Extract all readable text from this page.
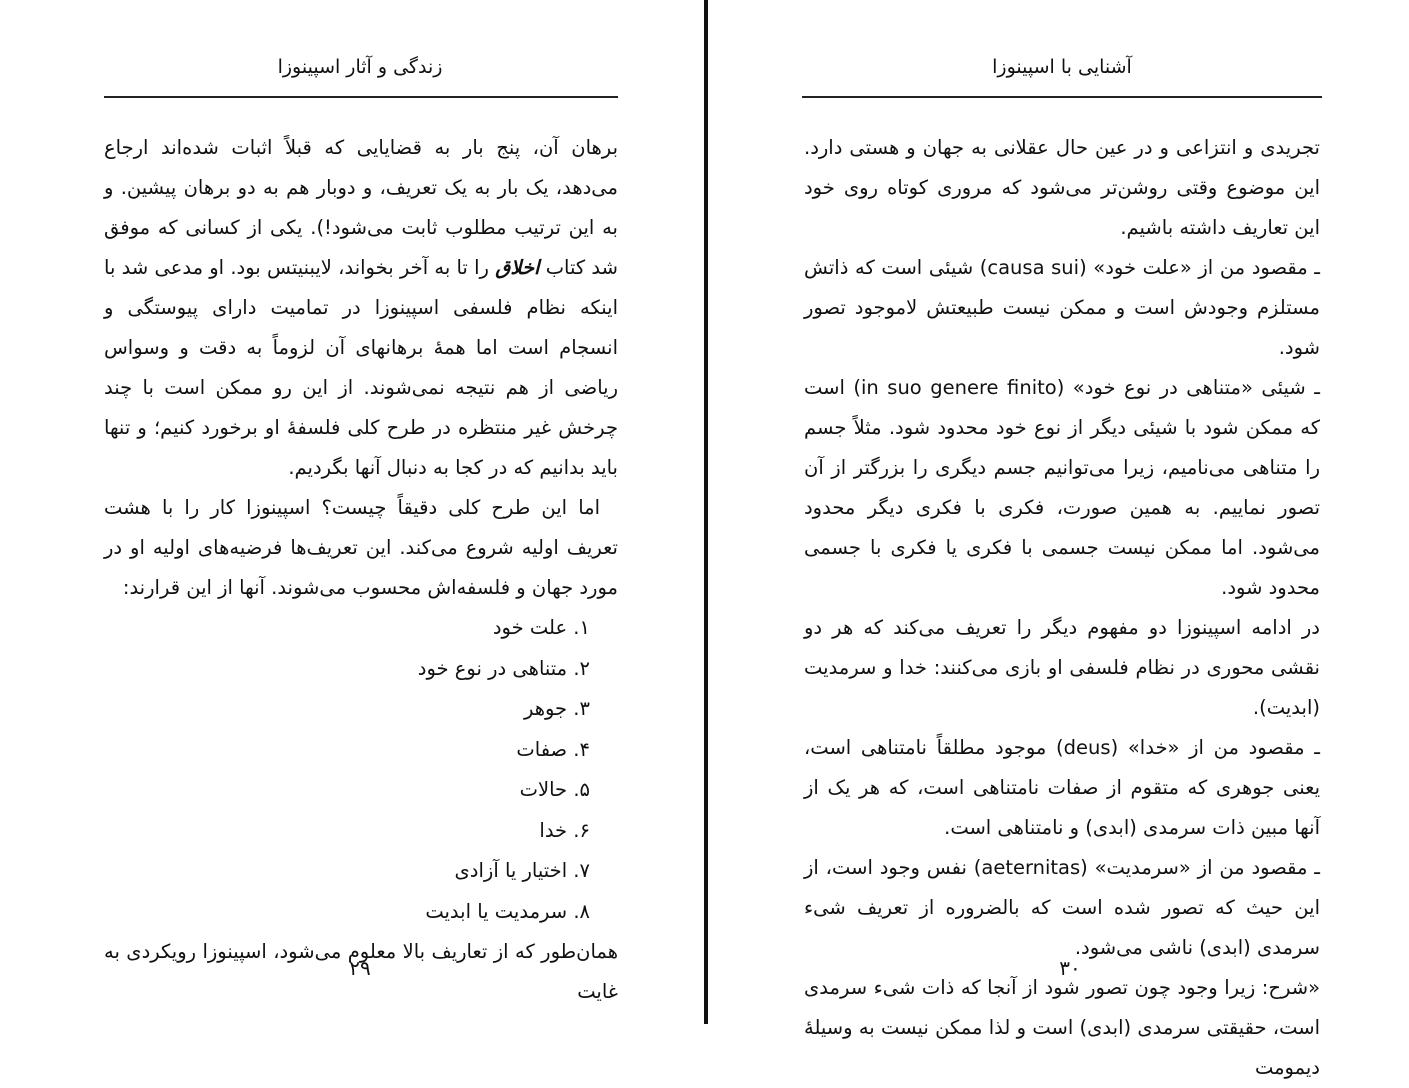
زندگی و آثار اسپینوزا

برهان آن، پنج بار به قضایایی که قبلاً اثبات شده‌اند ارجاع می‌دهد، یک بار به یک تعریف، و دوبار هم به دو برهان پیشین. و به این ترتیب مطلوب ثابت می‌شود!). یکی از کسانی که موفق شد کتاب اخلاق را تا به آخر بخواند، لایبنیتس بود. او مدعی شد با اینکه نظام فلسفی اسپینوزا در تمامیت دارای پیوستگی و انسجام است اما همهٔ برهانهای آن لزوماً به دقت و وسواس ریاضی از هم نتیجه نمی‌شوند. از این رو ممکن است با چند چرخش غیر منتظره در طرح کلی فلسفهٔ او برخورد کنیم؛ و تنها باید بدانیم که در کجا به دنبال آنها بگردیم.

اما این طرح کلی دقیقاً چیست؟ اسپینوزا کار را با هشت تعریف اولیه شروع می‌کند. این تعریف‌ها فرضیه‌های اولیه او در مورد جهان و فلسفه‌اش محسوب می‌شوند. آنها از این قرارند:

۱. علت خود
۲. متناهی در نوع خود
۳. جوهر
۴. صفات
۵. حالات
۶. خدا
۷. اختیار یا آزادی
۸. سرمدیت یا ابدیت

همان‌طور که از تعاریف بالا معلوم می‌شود، اسپینوزا رویکردی به غایت

۲۹
آشنایی با اسپینوزا

تجریدی و انتزاعی و در عین حال عقلانی به جهان و هستی دارد. این موضوع وقتی روشن‌تر می‌شود که مروری کوتاه روی خود این تعاریف داشته باشیم.

ـ مقصود من از «علت خود» (causa sui) شیئی است که ذاتش مستلزم وجودش است و ممکن نیست طبیعتش لاموجود تصور شود.

ـ شیئی «متناهی در نوع خود» (in suo genere finito) است که ممکن شود با شیئی دیگر از نوع خود محدود شود. مثلاً جسم را متناهی می‌نامیم، زیرا می‌توانیم جسم دیگری را بزرگتر از آن تصور نماییم. به همین صورت، فکری با فکری دیگر محدود می‌شود. اما ممکن نیست جسمی با فکری یا فکری با جسمی محدود شود.

در ادامه اسپینوزا دو مفهوم دیگر را تعریف می‌کند که هر دو نقشی محوری در نظام فلسفی او بازی می‌کنند: خدا و سرمدیت (ابدیت).

ـ مقصود من از «خدا» (deus) موجود مطلقاً نامتناهی است، یعنی جوهری که متقوم از صفات نامتناهی است، که هر یک از آنها مبین ذات سرمدی (ابدی) و نامتناهی است.

ـ مقصود من از «سرمدیت» (aeternitas) نفس وجود است، از این حیث که تصور شده است که بالضروره از تعریف شیء سرمدی (ابدی) ناشی می‌شود.

«شرح: زیرا وجود چون تصور شود از آنجا که ذات شیء سرمدی است، حقیقتی سرمدی (ابدی) است و لذا ممکن نیست به وسیلهٔ دیمومت

۳۰
